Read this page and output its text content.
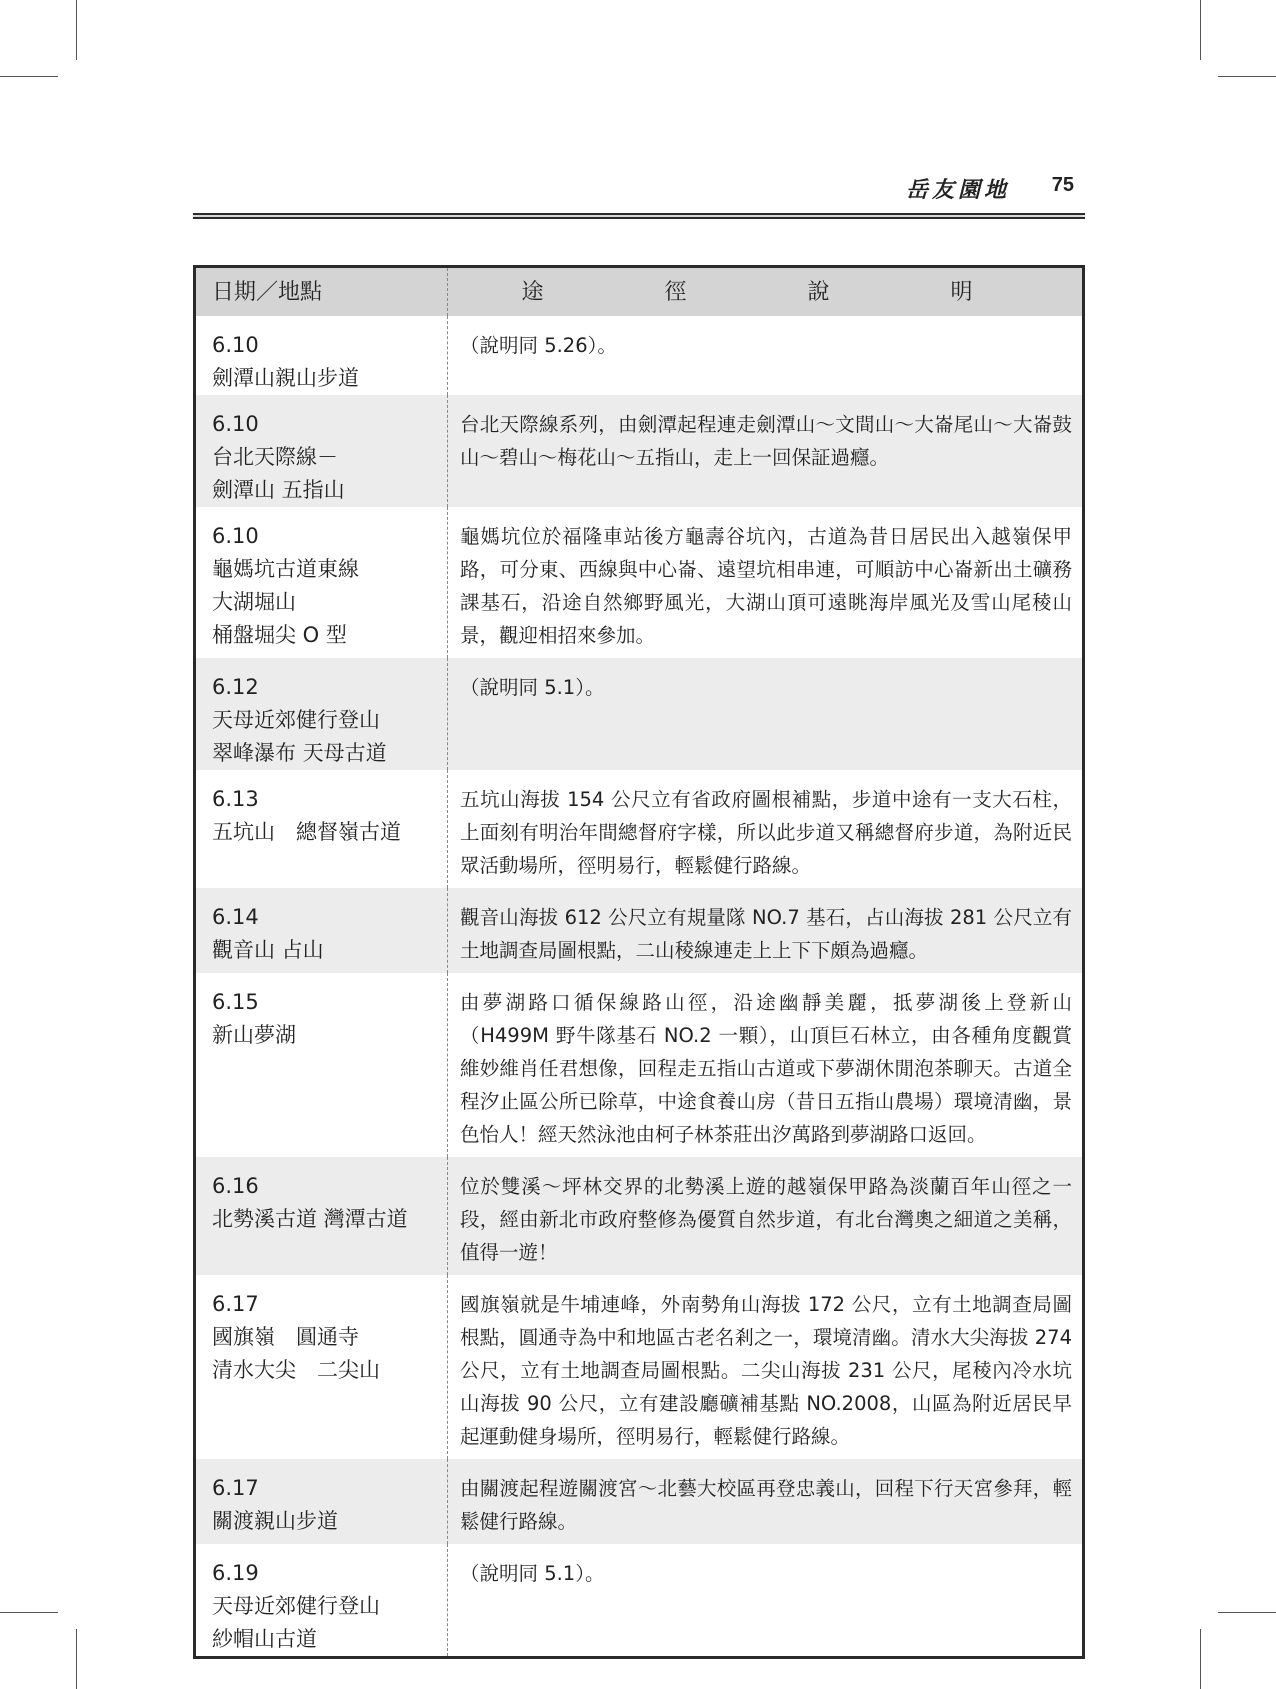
岳友園地 75
日期／地點	途 徑 說 明
6.10
劍潭山親山步道
（說明同 5.26）。
6.10
台北天際線－
劍潭山 五指山
台北天際線系列，由劍潭起程連走劍潭山～文間山～大崙尾山～大崙鼓山～碧山～梅花山～五指山，走上一回保証過癮。
6.10
龜媽坑古道東線
大湖堀山
桶盤堀尖 O 型
龜媽坑位於福隆車站後方龜壽谷坑內，古道為昔日居民出入越嶺保甲路，可分東、西線與中心崙、遠望坑相串連，可順訪中心崙新出土礦務課基石，沿途自然鄉野風光，大湖山頂可遠眺海岸風光及雪山尾稜山景，觀迎相招來參加。
6.12
天母近郊健行登山
翠峰瀑布 天母古道
（說明同 5.1）。
6.13
五坑山　總督嶺古道
五坑山海拔 154 公尺立有省政府圖根補點，步道中途有一支大石柱，上面刻有明治年間總督府字樣，所以此步道又稱總督府步道，為附近民眾活動場所，徑明易行，輕鬆健行路線。
6.14
觀音山 占山
觀音山海拔 612 公尺立有規量隊 NO.7 基石，占山海拔 281 公尺立有土地調查局圖根點，二山稜線連走上上下下頗為過癮。
6.15
新山夢湖
由夢湖路口循保線路山徑，沿途幽靜美麗，抵夢湖後上登新山（H499M 野牛隊基石 NO.2 一顆），山頂巨石林立，由各種角度觀賞維妙維肖任君想像，回程走五指山古道或下夢湖休閒泡茶聊天。古道全程汐止區公所已除草，中途食養山房（昔日五指山農場）環境清幽，景色怡人！經天然泳池由柯子林茶莊出汐萬路到夢湖路口返回。
6.16
北勢溪古道 灣潭古道
位於雙溪～坪林交界的北勢溪上遊的越嶺保甲路為淡蘭百年山徑之一段，經由新北市政府整修為優質自然步道，有北台灣奧之細道之美稱，值得一遊！
6.17
國旗嶺　圓通寺
清水大尖　二尖山
國旗嶺就是牛埔連峰，外南勢角山海拔 172 公尺，立有土地調查局圖根點，圓通寺為中和地區古老名剎之一，環境清幽。清水大尖海拔 274 公尺，立有土地調查局圖根點。二尖山海拔 231 公尺，尾稜內冷水坑山海拔 90 公尺，立有建設廳礦補基點 NO.2008，山區為附近居民早起運動健身場所，徑明易行，輕鬆健行路線。
6.17
關渡親山步道
由關渡起程遊關渡宮～北藝大校區再登忠義山，回程下行天宮參拜，輕鬆健行路線。
6.19
天母近郊健行登山
紗帽山古道
（說明同 5.1）。
